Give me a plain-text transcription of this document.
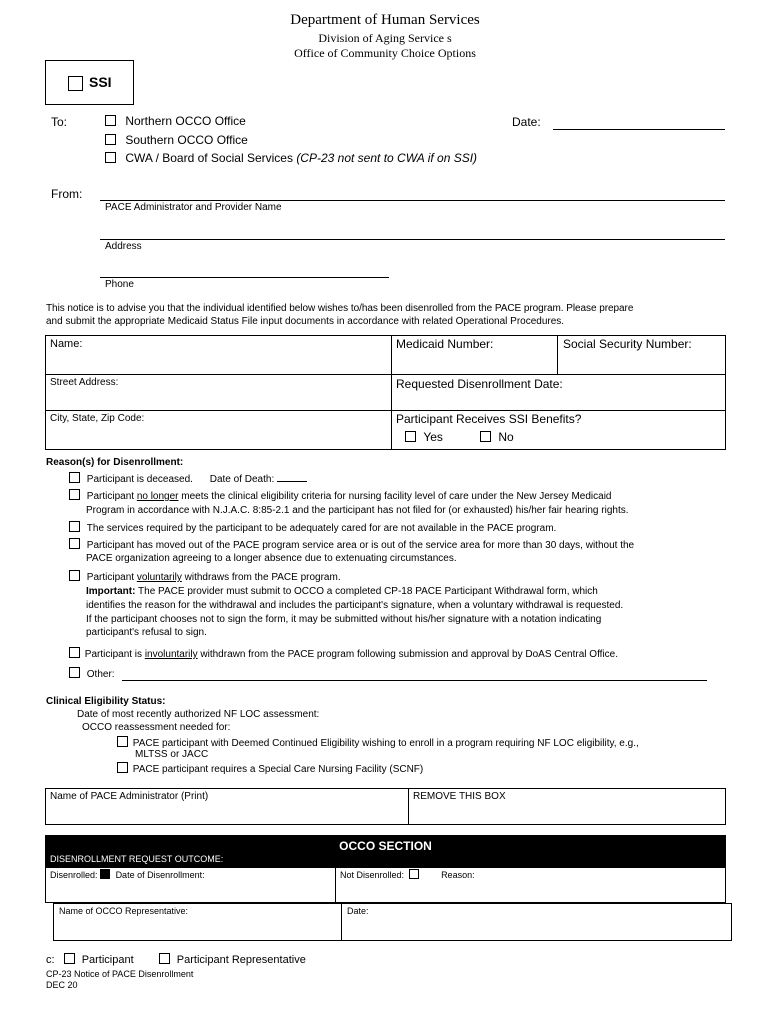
Department of Human Services
Division of Aging Service s
Office of Community Choice Options
SSI
To:	Northern OCCO Office
Southern OCCO Office
CWA / Board of Social Services (CP-23 not sent to CWA if on SSI)
Date:
From:
PACE Administrator and Provider Name
Address
Phone
This notice is to advise you that the individual identified below wishes to/has been disenrolled from the PACE program. Please prepare
and submit the appropriate Medicaid Status File input documents in accordance with related Operational Procedures.
Name:	Medicaid Number:	Social Security Number:
Street Address:	Requested Disenrollment Date:
City, State, Zip Code:	Participant Receives SSI Benefits?
Yes	No
Reason(s) for Disenrollment:
Participant is deceased. Date of Death:
Participant no longer meets the clinical eligibility criteria for nursing facility level of care under the New Jersey Medicaid
Program in accordance with N.J.A.C. 8:85-2.1 and the participant has not filed for (or exhausted) his/her fair hearing rights.
The services required by the participant to be adequately cared for are not available in the PACE program.
Participant has moved out of the PACE program service area or is out of the service area for more than 30 days, without the
PACE organization agreeing to a longer absence due to extenuating circumstances.
Participant voluntarily withdraws from the PACE program.
Important: The PACE provider must submit to OCCO a completed CP-18 PACE Participant Withdrawal form, which
identifies the reason for the withdrawal and includes the participant's signature, when a voluntary withdrawal is requested.
If the participant chooses not to sign the form, it may be submitted without his/her signature with a notation indicating
participant's refusal to sign.
Participant is involuntarily withdrawn from the PACE program following submission and approval by DoAS Central Office.
Other:
Clinical Eligibility Status:
Date of most recently authorized NF LOC assessment:
OCCO reassessment needed for:
PACE participant with Deemed Continued Eligibility wishing to enroll in a program requiring NF LOC eligibility, e.g.,
MLTSS or JACC
PACE participant requires a Special Care Nursing Facility (SCNF)
Name of PACE Administrator (Print)	REMOVE THIS BOX
OCCO SECTION
DISENROLLMENT REQUEST OUTCOME:
Disenrolled: Date of Disenrollment:	Not Disenrolled:	Reason:
Name of OCCO Representative:	Date:
c: Participant	Participant Representative
CP-23 Notice of PACE Disenrollment
DEC 20
